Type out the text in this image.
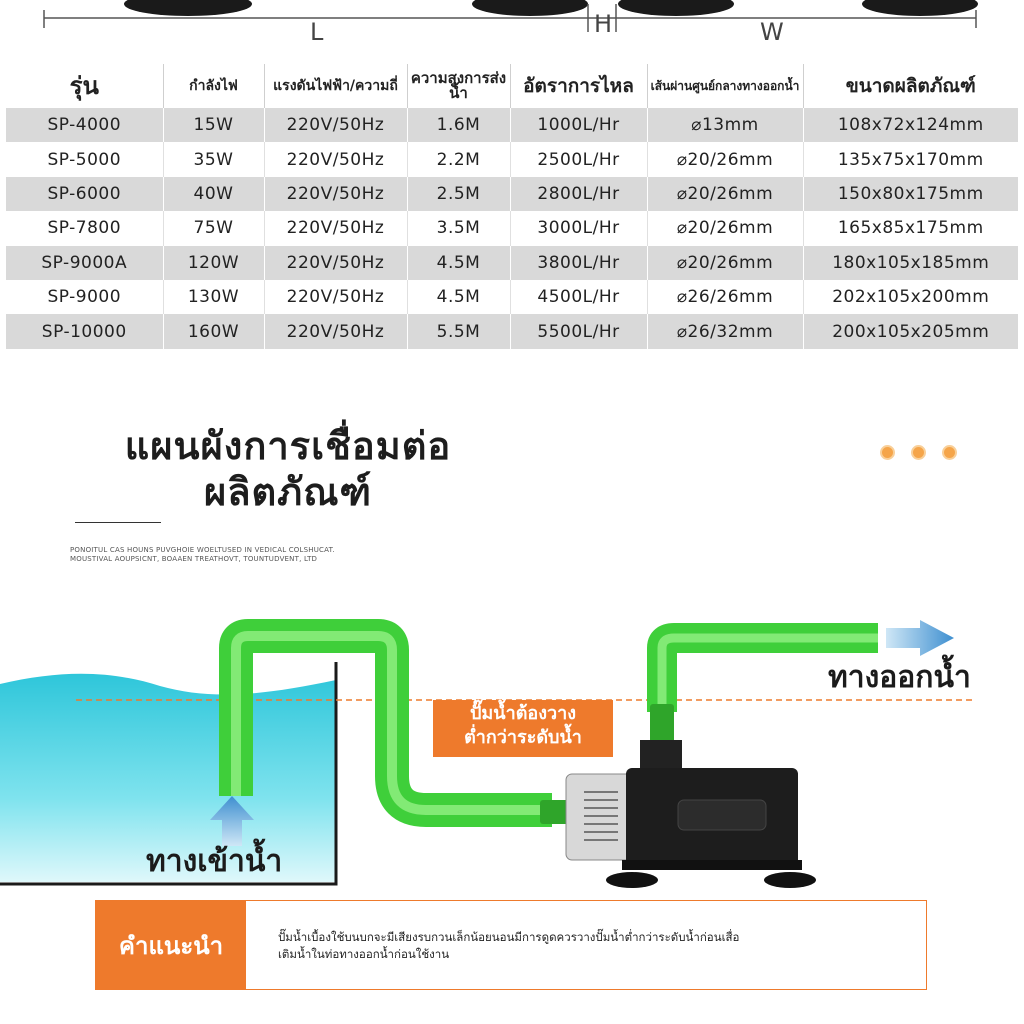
L	H	W
รุ่น	กำลังไฟ	แรงดันไฟฟ้า/ความถี่	ความสูงการส่งน้ำ	อัตราการไหล	เส้นผ่านศูนย์กลางทางออกน้ำ	ขนาดผลิตภัณฑ์
SP-4000	15W	220V/50Hz	1.6M	1000L/Hr	⌀13mm	108x72x124mm
SP-5000	35W	220V/50Hz	2.2M	2500L/Hr	⌀20/26mm	135x75x170mm
SP-6000	40W	220V/50Hz	2.5M	2800L/Hr	⌀20/26mm	150x80x175mm
SP-7800	75W	220V/50Hz	3.5M	3000L/Hr	⌀20/26mm	165x85x175mm
SP-9000A	120W	220V/50Hz	4.5M	3800L/Hr	⌀20/26mm	180x105x185mm
SP-9000	130W	220V/50Hz	4.5M	4500L/Hr	⌀26/26mm	202x105x200mm
SP-10000	160W	220V/50Hz	5.5M	5500L/Hr	⌀26/32mm	200x105x205mm
แผนผังการเชื่อมต่อ
ผลิตภัณฑ์
PONOITUL CAS HOUNS PUVGHOIE WOELTUSED IN VEDICAL COLSHUCAT.
MOUSTIVAL AOUPSICNT, BOAAEN TREATHOVT, TOUNTUDVENT, LTD
ทางออกน้ำ
ทางเข้าน้ำ
ปั๊มน้ำต้องวาง
ต่ำกว่าระดับน้ำ
คำแนะนำ	ปั๊มน้ำเบื้องใช้บนบกจะมีเสียงรบกวนเล็กน้อยนอนมีการดูดควรวางปั๊มน้ำต่ำกว่าระดับน้ำก่อนเสื่อ
เติมน้ำในท่อทางออกน้ำก่อนใช้งาน
